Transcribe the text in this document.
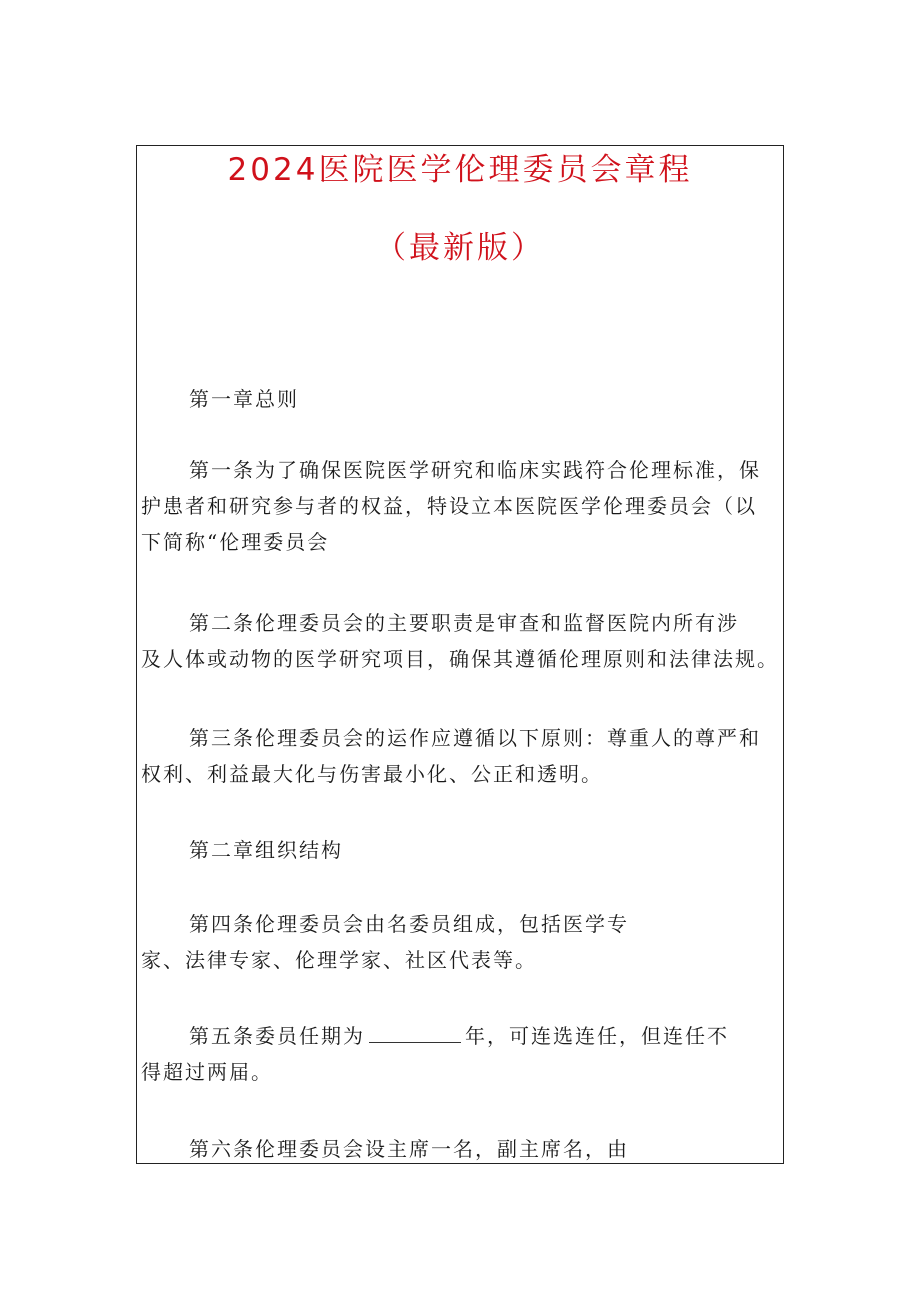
2024医院医学伦理委员会章程
（最新版）

第一章总则

第一条为了确保医院医学研究和临床实践符合伦理标准，保
护患者和研究参与者的权益，特设立本医院医学伦理委员会（以
下简称“伦理委员会
第二条伦理委员会的主要职责是审查和监督医院内所有涉
及人体或动物的医学研究项目，确保其遵循伦理原则和法律法规。
第三条伦理委员会的运作应遵循以下原则：尊重人的尊严和
权利、利益最大化与伤害最小化、公正和透明。

第二章组织结构

第四条伦理委员会由名委员组成，包括医学专
家、法律专家、伦理学家、社区代表等。
第五条委员任期为	年，可连选连任，但连任不
得超过两届。
第六条伦理委员会设主席一名，副主席名，由
